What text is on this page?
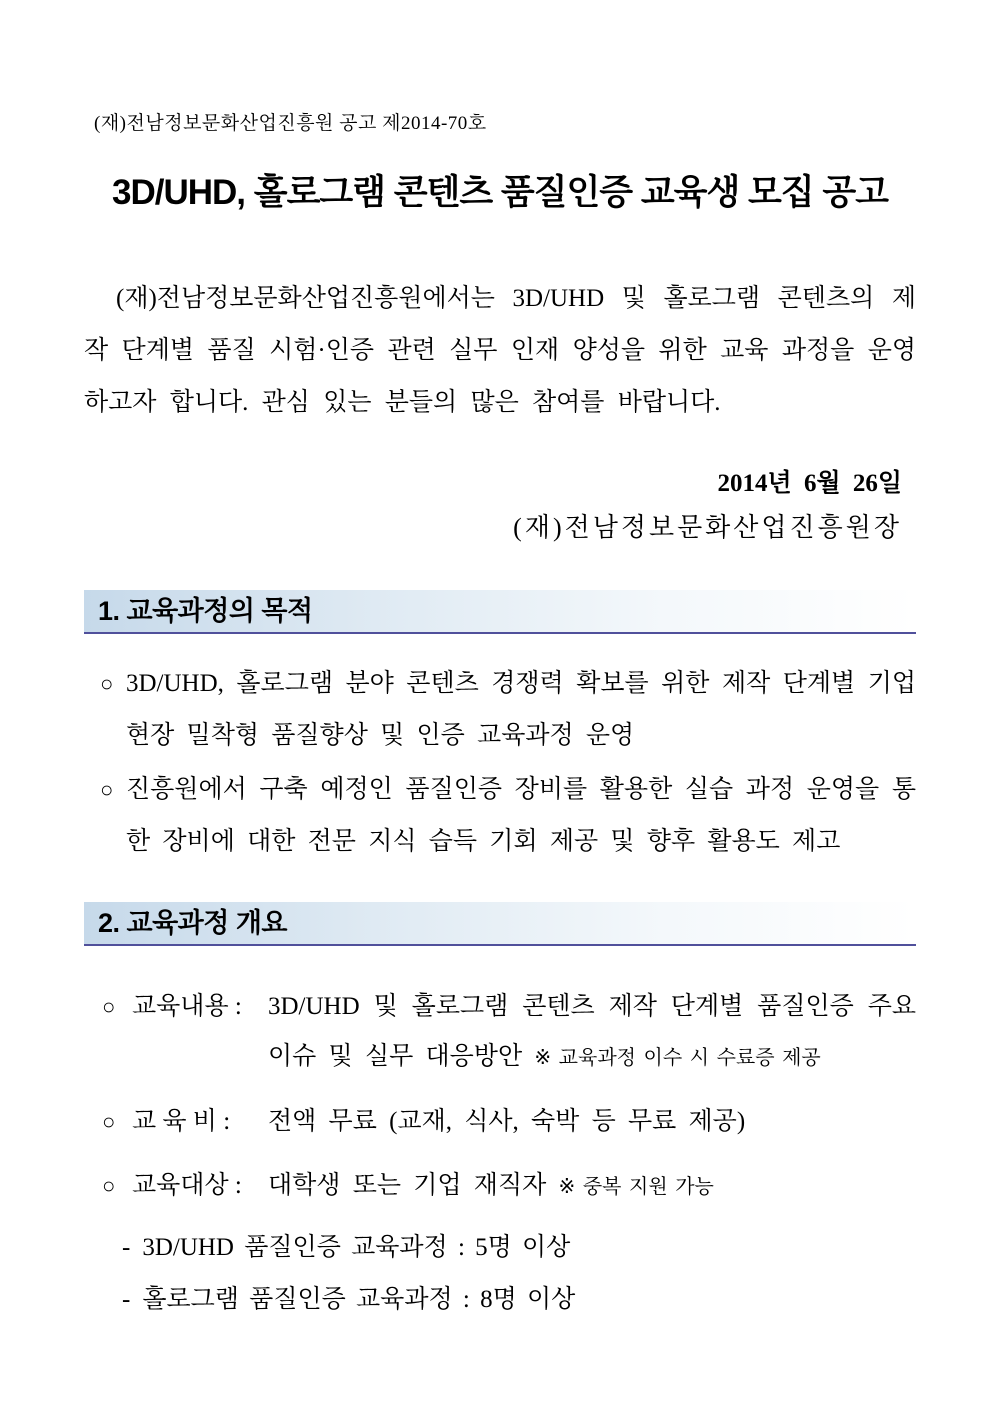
(재)전남정보문화산업진흥원 공고 제2014-70호
3D/UHD, 홀로그램 콘텐츠 품질인증 교육생 모집 공고

(재)전남정보문화산업진흥원에서는 3D/UHD 및 홀로그램 콘텐츠의 제작 단계별 품질 시험·인증 관련 실무 인재 양성을 위한 교육 과정을 운영하고자 합니다. 관심 있는 분들의 많은 참여를 바랍니다.

2014년 6월 26일
(재)전남정보문화산업진흥원장
1. 교육과정의 목적
○ 3D/UHD, 홀로그램 분야 콘텐츠 경쟁력 확보를 위한 제작 단계별 기업 현장 밀착형 품질향상 및 인증 교육과정 운영
○ 진흥원에서 구축 예정인 품질인증 장비를 활용한 실습 과정 운영을 통한 장비에 대한 전문 지식 습득 기회 제공 및 향후 활용도 제고
2. 교육과정 개요
○ 교육내용 :	3D/UHD 및 홀로그램 콘텐츠 제작 단계별 품질인증 주요 이슈 및 실무 대응방안 ※ 교육과정 이수 시 수료증 제공
○ 교 육 비 :	전액 무료 (교재, 식사, 숙박 등 무료 제공)
○ 교육대상 :	대학생 또는 기업 재직자 ※ 중복 지원 가능
- 3D/UHD 품질인증 교육과정 : 5명 이상
- 홀로그램 품질인증 교육과정 : 8명 이상
